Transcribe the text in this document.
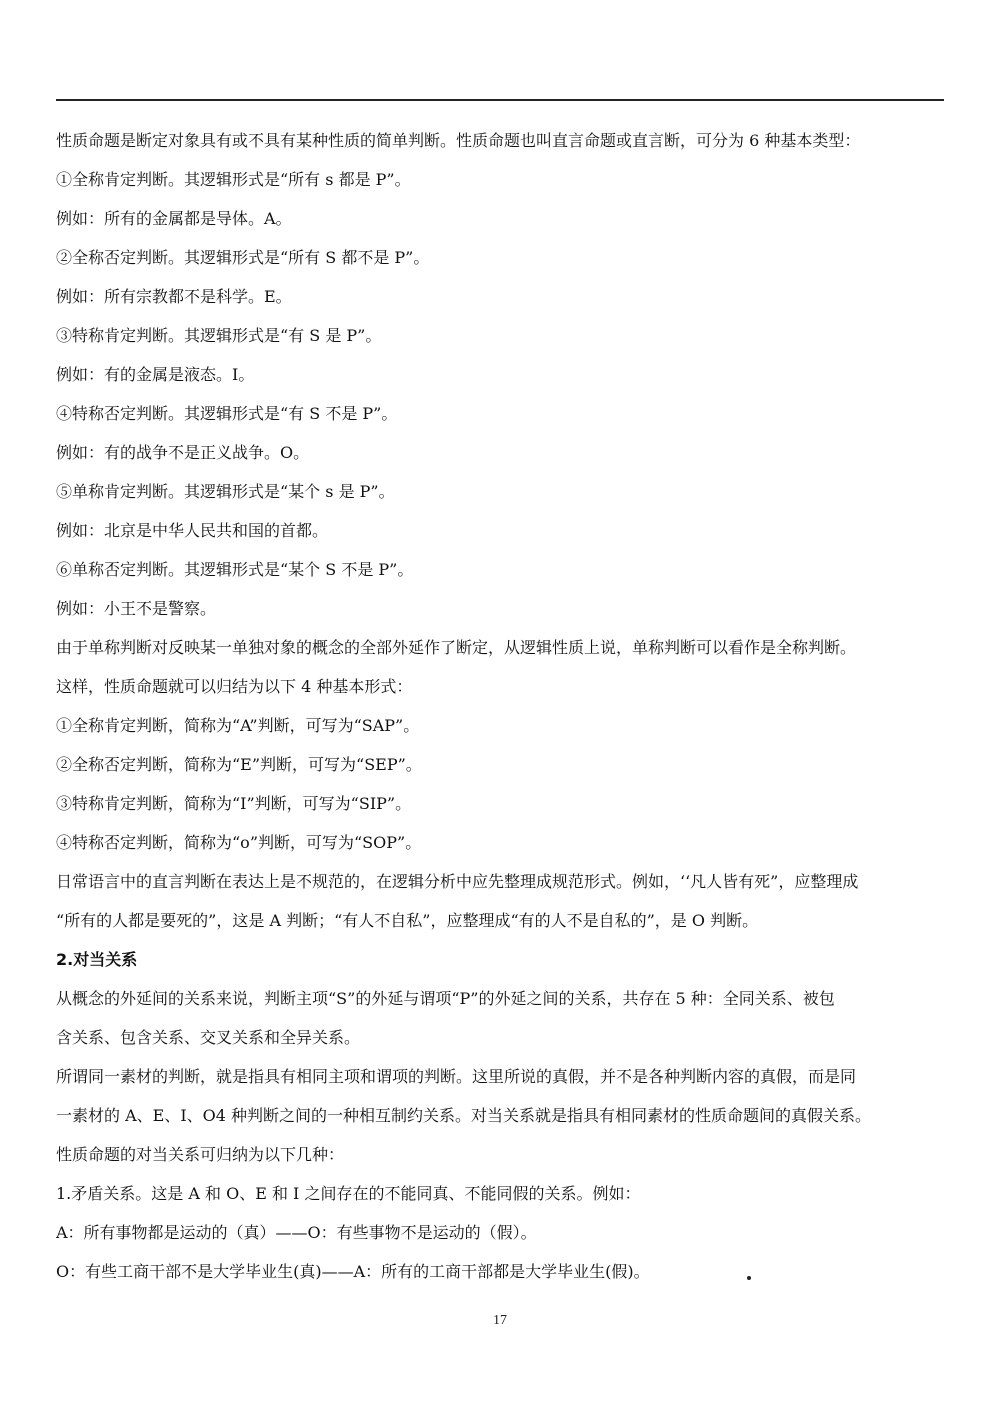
性质命题是断定对象具有或不具有某种性质的简单判断。性质命题也叫直言命题或直言断，可分为 6 种基本类型：
①全称肯定判断。其逻辑形式是“所有 s 都是 P”。
例如：所有的金属都是导体。A。
②全称否定判断。其逻辑形式是“所有 S 都不是 P”。
例如：所有宗教都不是科学。E。
③特称肯定判断。其逻辑形式是“有 S 是 P”。
例如：有的金属是液态。I。
④特称否定判断。其逻辑形式是“有 S 不是 P”。
例如：有的战争不是正义战争。O。
⑤单称肯定判断。其逻辑形式是“某个 s 是 P”。
例如：北京是中华人民共和国的首都。
⑥单称否定判断。其逻辑形式是“某个 S 不是 P”。
例如：小王不是警察。
由于单称判断对反映某一单独对象的概念的全部外延作了断定，从逻辑性质上说，单称判断可以看作是全称判断。
这样，性质命题就可以归结为以下 4 种基本形式：
①全称肯定判断，简称为“A”判断，可写为“SAP”。
②全称否定判断，简称为“E”判断，可写为“SEP”。
③特称肯定判断，简称为“I”判断，可写为“SIP”。
④特称否定判断，简称为“o”判断，可写为“SOP”。
日常语言中的直言判断在表达上是不规范的，在逻辑分析中应先整理成规范形式。例如，‘‘凡人皆有死”，应整理成
“所有的人都是要死的”，这是 A 判断；“有人不自私”，应整理成“有的人不是自私的”，是 O 判断。
2.对当关系
从概念的外延间的关系来说，判断主项“S”的外延与谓项“P”的外延之间的关系，共存在 5 种：全同关系、被包
含关系、包含关系、交叉关系和全异关系。
所谓同一素材的判断，就是指具有相同主项和谓项的判断。这里所说的真假，并不是各种判断内容的真假，而是同
一素材的 A、E、I、O4 种判断之间的一种相互制约关系。对当关系就是指具有相同素材的性质命题间的真假关系。
性质命题的对当关系可归纳为以下几种：
1.矛盾关系。这是 A 和 O、E 和 I 之间存在的不能同真、不能同假的关系。例如：
A：所有事物都是运动的（真）——O：有些事物不是运动的（假）。
O：有些工商干部不是大学毕业生(真)——A：所有的工商干部都是大学毕业生(假)。
17
